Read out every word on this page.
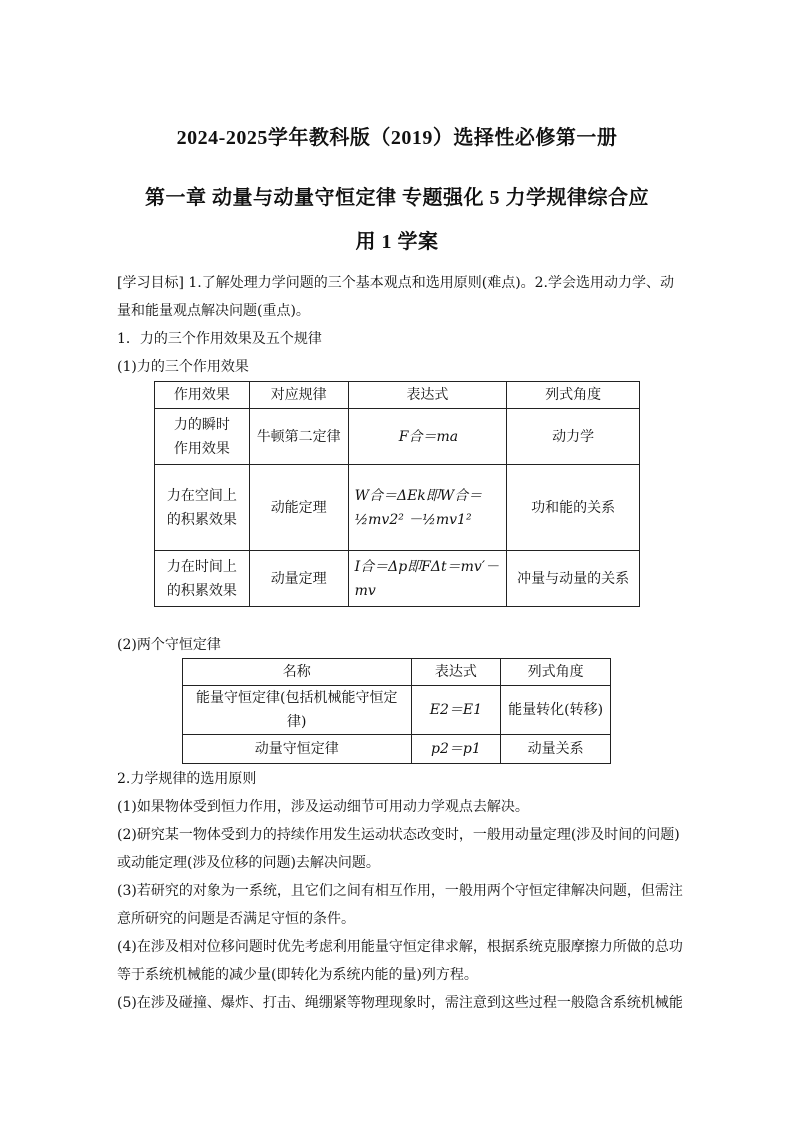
2024-2025学年教科版（2019）选择性必修第一册
第一章 动量与动量守恒定律 专题强化 5 力学规律综合应
用 1 学案
[学习目标] 1.了解处理力学问题的三个基本观点和选用原则(难点)。2.学会选用动力学、动
量和能量观点解决问题(重点)。
1．力的三个作用效果及五个规律
(1)力的三个作用效果
作用效果	对应规律	表达式	列式角度

力的瞬时
作用效果	牛顿第二定律	F合＝ma	动力学

力在空间上
的积累效果	动能定理	W合＝ΔEk即W合＝½mv2² －½mv1²	功和能的关系

力在时间上
的积累效果	动量定理	I合＝Δp即FΔt＝mv′－mv	冲量与动量的关系
(2)两个守恒定律
名称	表达式	列式角度
能量守恒定律(包括机械能守恒定律)	E2＝E1	能量转化(转移)
动量守恒定律	p2＝p1	动量关系
2.力学规律的选用原则
(1)如果物体受到恒力作用，涉及运动细节可用动力学观点去解决。
(2)研究某一物体受到力的持续作用发生运动状态改变时，一般用动量定理(涉及时间的问题)
或动能定理(涉及位移的问题)去解决问题。
(3)若研究的对象为一系统，且它们之间有相互作用，一般用两个守恒定律解决问题，但需注
意所研究的问题是否满足守恒的条件。
(4)在涉及相对位移问题时优先考虑利用能量守恒定律求解，根据系统克服摩擦力所做的总功
等于系统机械能的减少量(即转化为系统内能的量)列方程。
(5)在涉及碰撞、爆炸、打击、绳绷紧等物理现象时，需注意到这些过程一般隐含系统机械能
